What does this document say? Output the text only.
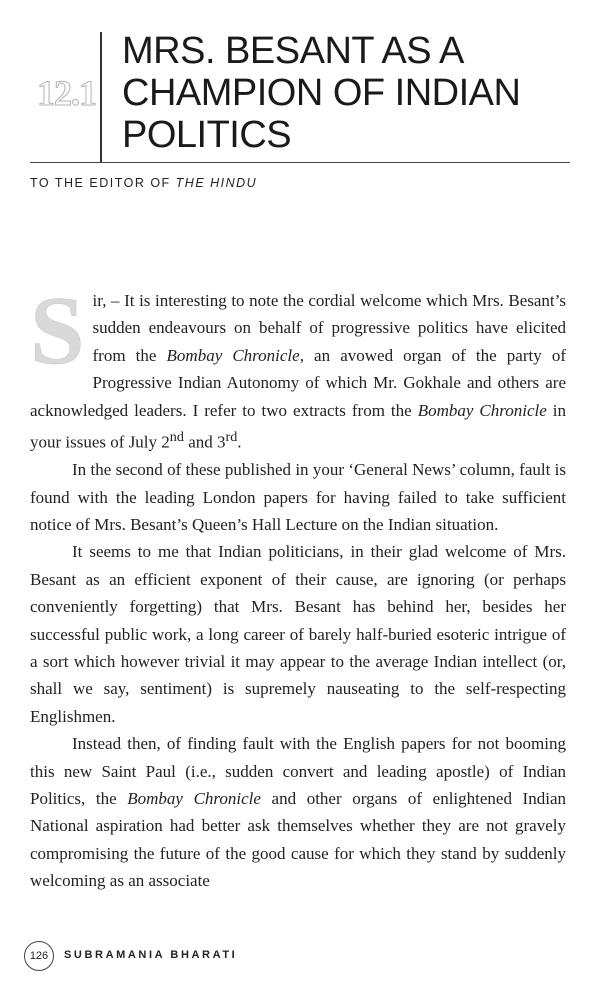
12.1
MRS. BESANT AS A CHAMPION OF INDIAN POLITICS
TO THE EDITOR OF THE HINDU

Sir, – It is interesting to note the cordial welcome which Mrs. Besant’s sudden endeavours on behalf of progressive politics have elicited from the Bombay Chronicle, an avowed organ of the party of Progressive Indian Autonomy of which Mr. Gokhale and others are acknowledged leaders. I refer to two extracts from the Bombay Chronicle in your issues of July 2nd and 3rd.

In the second of these published in your ‘General News’ column, fault is found with the leading London papers for having failed to take sufficient notice of Mrs. Besant’s Queen’s Hall Lecture on the Indian situation.

It seems to me that Indian politicians, in their glad welcome of Mrs. Besant as an efficient exponent of their cause, are ignoring (or perhaps conveniently forgetting) that Mrs. Besant has behind her, besides her successful public work, a long career of barely half-buried esoteric intrigue of a sort which however trivial it may appear to the average Indian intellect (or, shall we say, sentiment) is supremely nauseating to the self-respecting Englishmen.

Instead then, of finding fault with the English papers for not booming this new Saint Paul (i.e., sudden convert and leading apostle) of Indian Politics, the Bombay Chronicle and other organs of enlightened Indian National aspiration had better ask themselves whether they are not gravely compromising the future of the good cause for which they stand by suddenly welcoming as an associate

126	SUBRAMANIA BHARATI
